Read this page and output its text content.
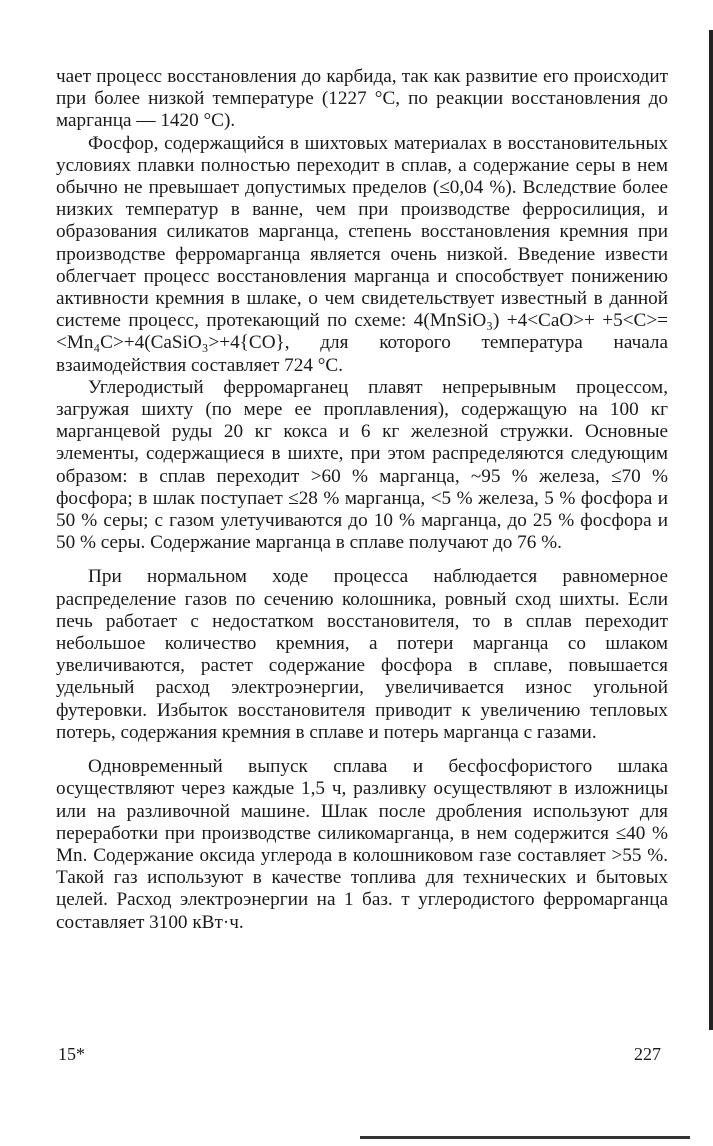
чает процесс восстановления до карбида, так как развитие его происходит при более низкой температуре (1227 °С, по реакции восстановления до марганца — 1420 °С).

Фосфор, содержащийся в шихтовых материалах в восстановительных условиях плавки полностью переходит в сплав, а содержание серы в нем обычно не превышает допустимых пределов (≤0,04 %). Вследствие более низких температур в ванне, чем при производстве ферросилиция, и образования силикатов марганца, степень восстановления кремния при производстве ферромарганца является очень низкой. Введение извести облегчает процесс восстановления марганца и способствует понижению активности кремния в шлаке, о чем свидетельствует известный в данной системе процесс, протекающий по схеме: 4(MnSiO₃) +4<CaO>+ +5<C>=<Mn₄C>+4(CaSiO₃>+4{CO}, для которого температура начала взаимодействия составляет 724 °С.

Углеродистый ферромарганец плавят непрерывным процессом, загружая шихту (по мере ее проплавления), содержащую на 100 кг марганцевой руды 20 кг кокса и 6 кг железной стружки. Основные элементы, содержащиеся в шихте, при этом распределяются следующим образом: в сплав переходит >60 % марганца, ~95 % железа, ≤70 % фосфора; в шлак поступает ≤28 % марганца, <5 % железа, 5 % фосфора и 50 % серы; с газом улетучиваются до 10 % марганца, до 25 % фосфора и 50 % серы. Содержание марганца в сплаве получают до 76 %.

При нормальном ходе процесса наблюдается равномерное распределение газов по сечению колошника, ровный сход шихты. Если печь работает с недостатком восстановителя, то в сплав переходит небольшое количество кремния, а потери марганца со шлаком увеличиваются, растет содержание фосфора в сплаве, повышается удельный расход электроэнергии, увеличивается износ угольной футеровки. Избыток восстановителя приводит к увеличению тепловых потерь, содержания кремния в сплаве и потерь марганца с газами.

Одновременный выпуск сплава и бесфосфористого шлака осуществляют через каждые 1,5 ч, разливку осуществляют в изложницы или на разливочной машине. Шлак после дробления используют для переработки при производстве силикомарганца, в нем содержится ≤40 % Mn. Содержание оксида углерода в колошниковом газе составляет >55 %. Такой газ используют в качестве топлива для технических и бытовых целей. Расход электроэнергии на 1 баз. т углеродистого ферромарганца составляет 3100 кВт·ч.

15*	227
